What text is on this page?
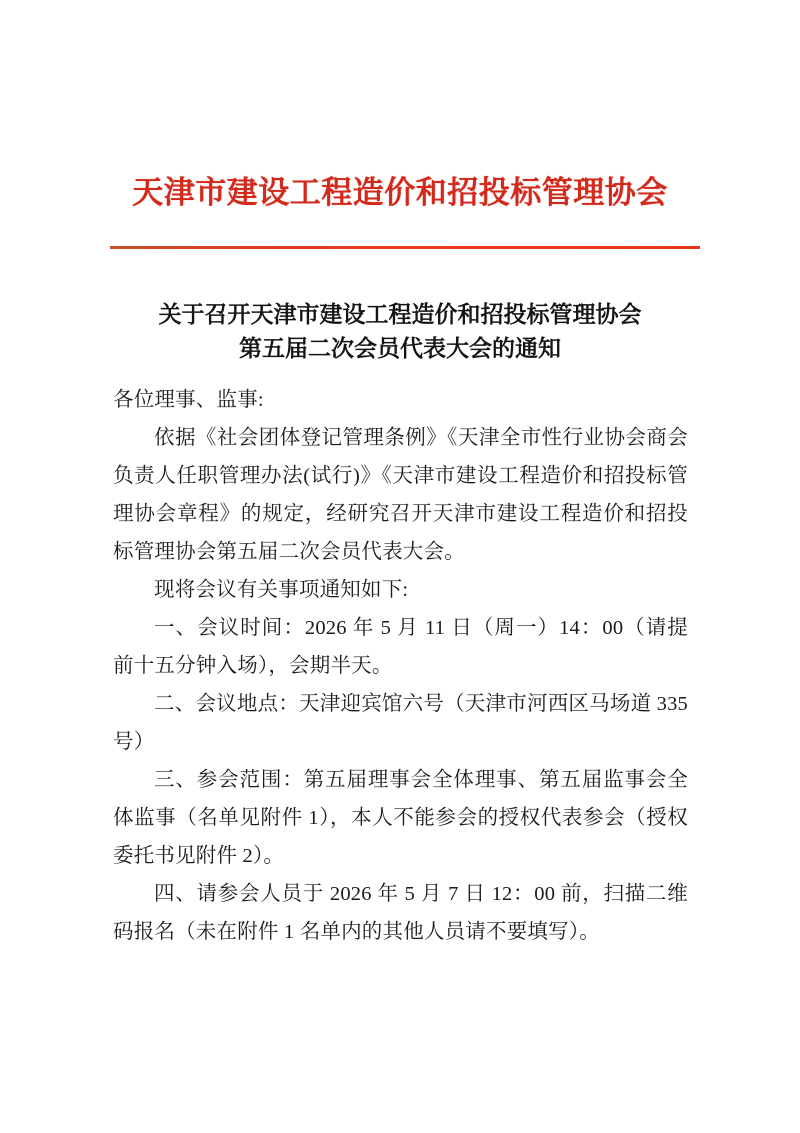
天津市建设工程造价和招投标管理协会
关于召开天津市建设工程造价和招投标管理协会
第五届二次会员代表大会的通知

各位理事、监事:

依据《社会团体登记管理条例》《天津全市性行业协会商会负责人任职管理办法(试行)》《天津市建设工程造价和招投标管理协会章程》的规定，经研究召开天津市建设工程造价和招投标管理协会第五届二次会员代表大会。

现将会议有关事项通知如下:

一、会议时间：2026 年 5 月 11 日（周一）14：00（请提前十五分钟入场），会期半天。

二、会议地点：天津迎宾馆六号（天津市河西区马场道 335 号）

三、参会范围：第五届理事会全体理事、第五届监事会全体监事（名单见附件 1），本人不能参会的授权代表参会（授权委托书见附件 2）。

四、请参会人员于 2026 年 5 月 7 日 12：00 前，扫描二维码报名（未在附件 1 名单内的其他人员请不要填写）。
